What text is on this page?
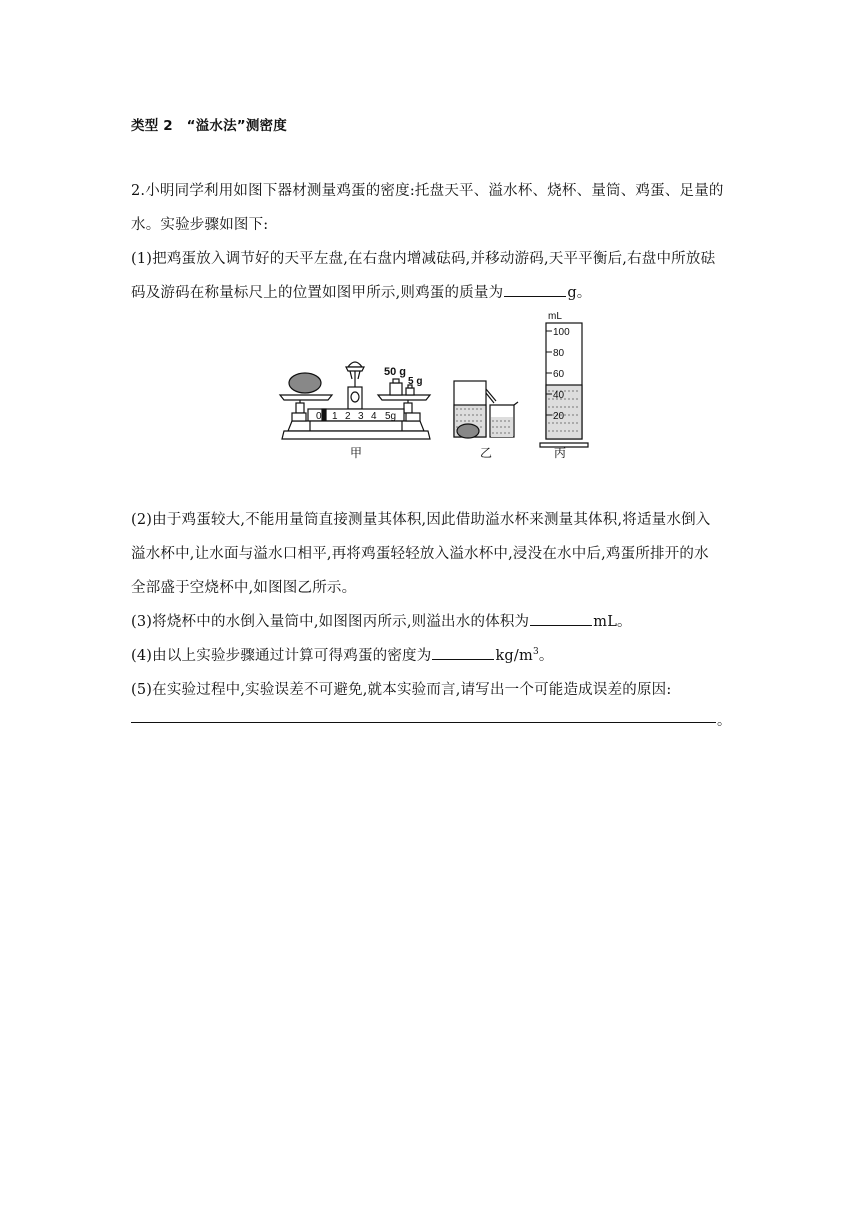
类型 2　“溢水法”测密度
2.小明同学利用如图下器材测量鸡蛋的密度:托盘天平、溢水杯、烧杯、量筒、鸡蛋、足量的
水。实验步骤如图下:
(1)把鸡蛋放入调节好的天平左盘,在右盘内增减砝码,并移动游码,天平平衡后,右盘中所放砝
码及游码在称量标尺上的位置如图甲所示,则鸡蛋的质量为	g。
0 1 2 3 4 5g
50 g
5 g
甲	乙
mL
100
80
60
40
20
丙
(2)由于鸡蛋较大,不能用量筒直接测量其体积,因此借助溢水杯来测量其体积,将适量水倒入
溢水杯中,让水面与溢水口相平,再将鸡蛋轻轻放入溢水杯中,浸没在水中后,鸡蛋所排开的水
全部盛于空烧杯中,如图图乙所示。
(3)将烧杯中的水倒入量筒中,如图图丙所示,则溢出水的体积为	mL。
(4)由以上实验步骤通过计算可得鸡蛋的密度为	$kg/m^3$。
(5)在实验过程中,实验误差不可避免,就本实验而言,请写出一个可能造成误差的原因:
。
